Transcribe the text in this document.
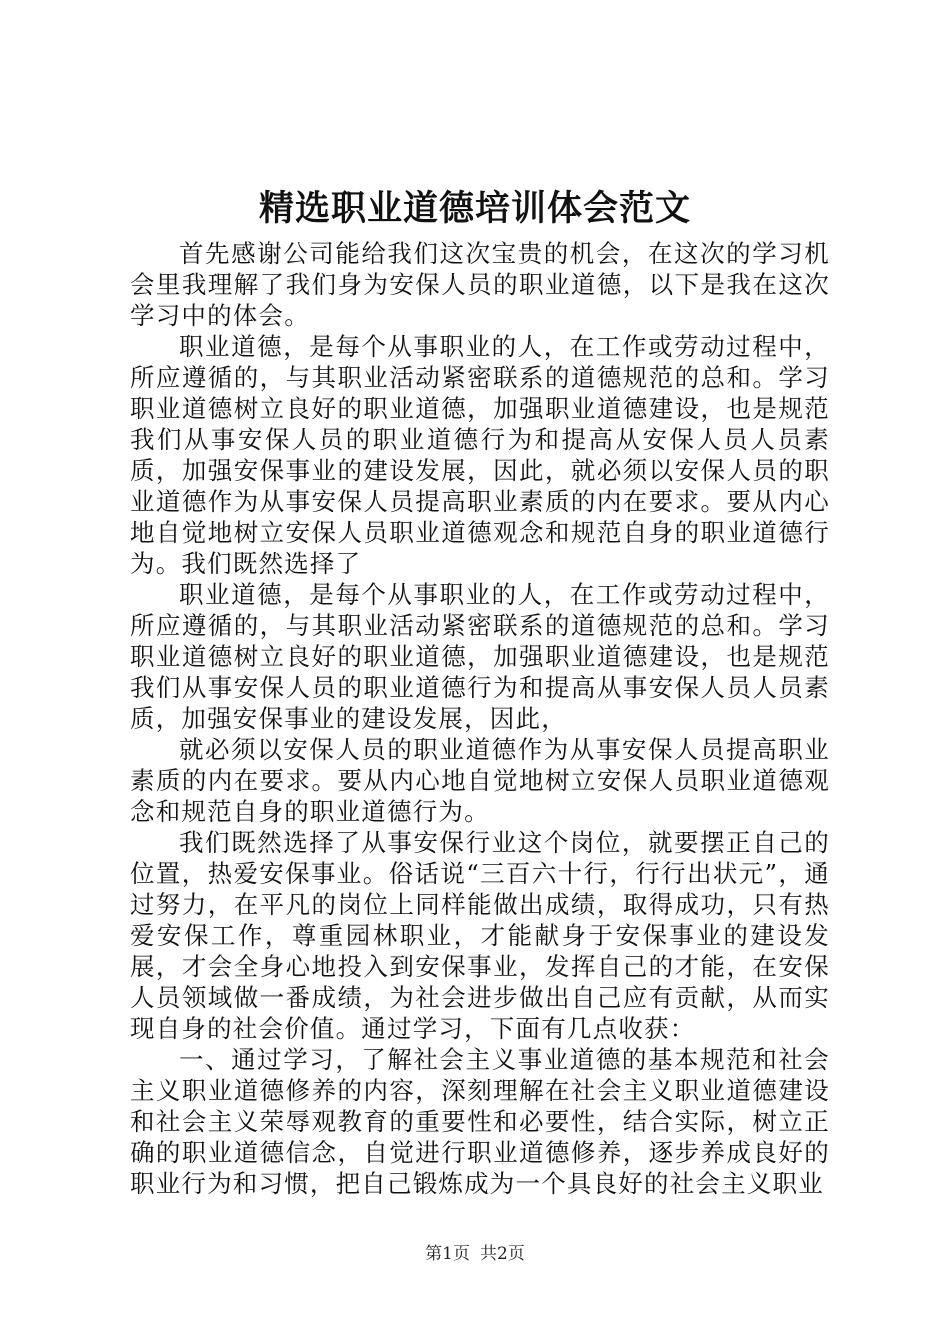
精选职业道德培训体会范文

首先感谢公司能给我们这次宝贵的机会，在这次的学习机会里我理解了我们身为安保人员的职业道德，以下是我在这次学习中的体会。

职业道德，是每个从事职业的人，在工作或劳动过程中，所应遵循的，与其职业活动紧密联系的道德规范的总和。学习职业道德树立良好的职业道德，加强职业道德建设，也是规范我们从事安保人员的职业道德行为和提高从安保人员人员素质，加强安保事业的建设发展，因此，就必须以安保人员的职业道德作为从事安保人员提高职业素质的内在要求。要从内心地自觉地树立安保人员职业道德观念和规范自身的职业道德行为。我们既然选择了

职业道德，是每个从事职业的人，在工作或劳动过程中，所应遵循的，与其职业活动紧密联系的道德规范的总和。学习职业道德树立良好的职业道德，加强职业道德建设，也是规范我们从事安保人员的职业道德行为和提高从事安保人员人员素质，加强安保事业的建设发展，因此，

就必须以安保人员的职业道德作为从事安保人员提高职业素质的内在要求。要从内心地自觉地树立安保人员职业道德观念和规范自身的职业道德行为。

我们既然选择了从事安保行业这个岗位，就要摆正自己的位置，热爱安保事业。俗话说“三百六十行，行行出状元”，通过努力，在平凡的岗位上同样能做出成绩，取得成功，只有热爱安保工作，尊重园林职业，才能献身于安保事业的建设发展，才会全身心地投入到安保事业，发挥自己的才能，在安保人员领域做一番成绩，为社会进步做出自己应有贡献，从而实现自身的社会价值。通过学习，下面有几点收获：

一、通过学习，了解社会主义事业道德的基本规范和社会主义职业道德修养的内容，深刻理解在社会主义职业道德建设和社会主义荣辱观教育的重要性和必要性，结合实际，树立正确的职业道德信念，自觉进行职业道德修养，逐步养成良好的职业行为和习惯，把自己锻炼成为一个具良好的社会主义职业

第1页 共2页
